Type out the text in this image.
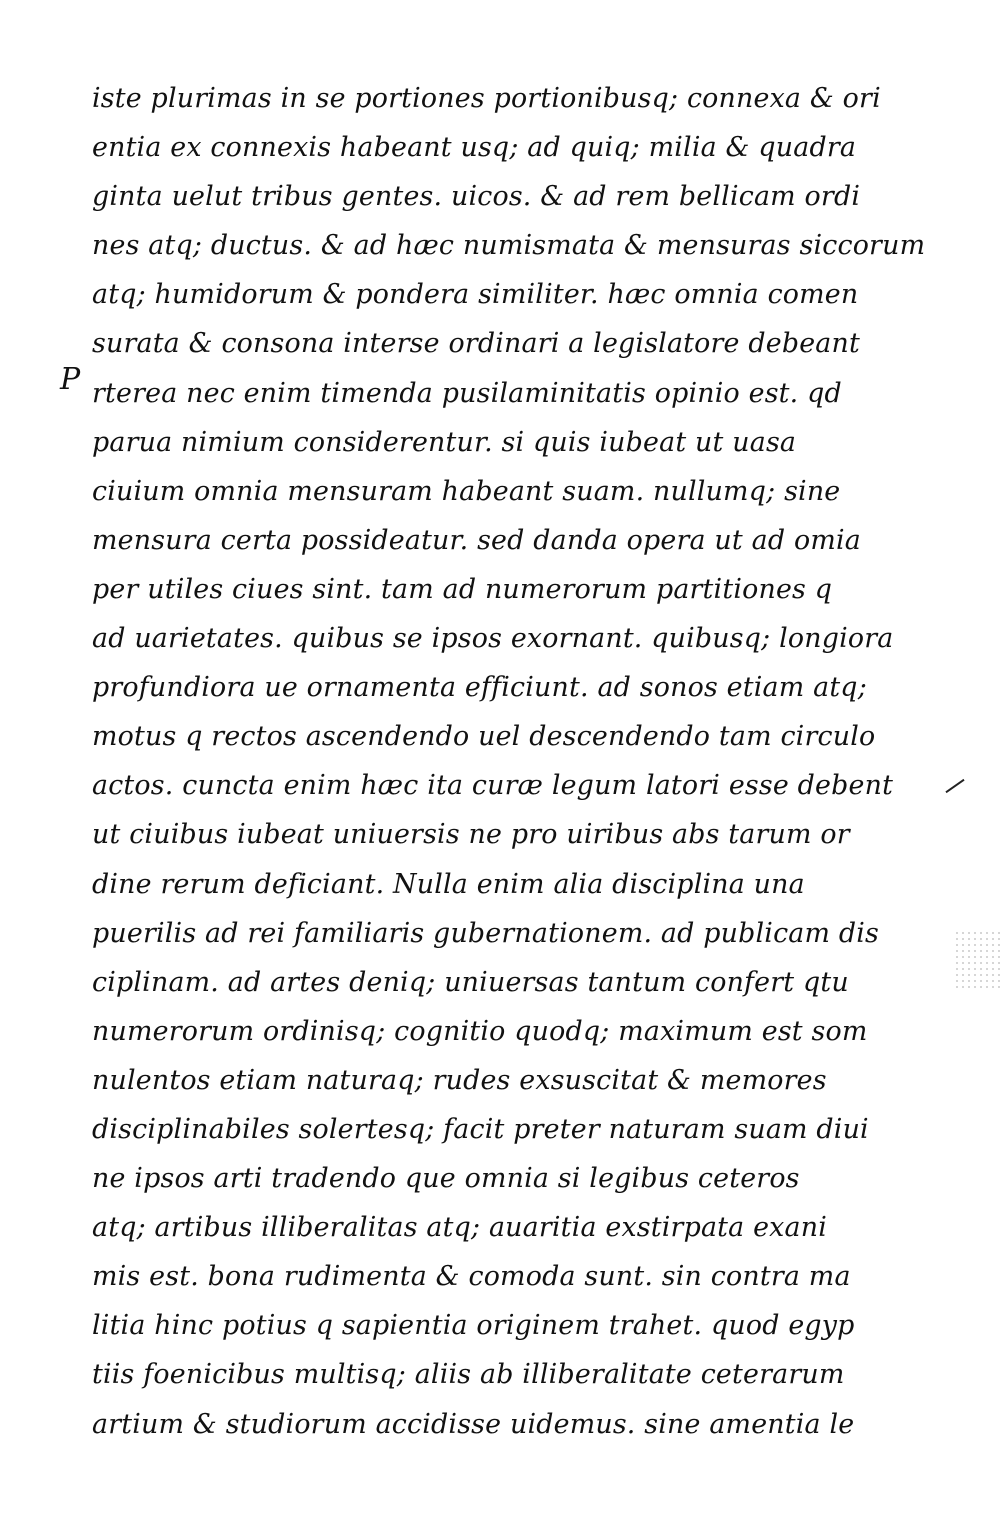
P
iste plurimas in se portiones portionibusq; connexa & ori
entia ex connexis habeant usq; ad quiq; milia & quadra
ginta uelut tribus gentes. uicos. & ad rem bellicam ordi
nes atq; ductus. & ad hæc numismata & mensuras siccorum
atq; humidorum & pondera similiter. hæc omnia comen
surata & consona interse ordinari a legislatore debeant
rterea nec enim timenda pusilaminitatis opinio est. qd
parua nimium considerentur. si quis iubeat ut uasa
ciuium omnia mensuram habeant suam. nullumq; sine
mensura certa possideatur. sed danda opera ut ad omia
per utiles ciues sint. tam ad numerorum partitiones q
ad uarietates. quibus se ipsos exornant. quibusq; longiora
profundiora ue ornamenta efficiunt. ad sonos etiam atq;
motus q rectos ascendendo uel descendendo tam circulo
actos. cuncta enim hæc ita curæ legum latori esse debent
ut ciuibus iubeat uniuersis ne pro uiribus abs tarum or
dine rerum deficiant. Nulla enim alia disciplina una
puerilis ad rei familiaris gubernationem. ad publicam dis
ciplinam. ad artes deniq; uniuersas tantum confert qtu
numerorum ordinisq; cognitio quodq; maximum est som
nulentos etiam naturaq; rudes exsuscitat & memores
disciplinabiles solertesq; facit preter naturam suam diui
ne ipsos arti tradendo que omnia si legibus ceteros
atq; artibus illiberalitas atq; auaritia exstirpata exani
mis est. bona rudimenta & comoda sunt. sin contra ma
litia hinc potius q sapientia originem trahet. quod egyp
tiis foenicibus multisq; aliis ab illiberalitate ceterarum
artium & studiorum accidisse uidemus. sine amentia le
